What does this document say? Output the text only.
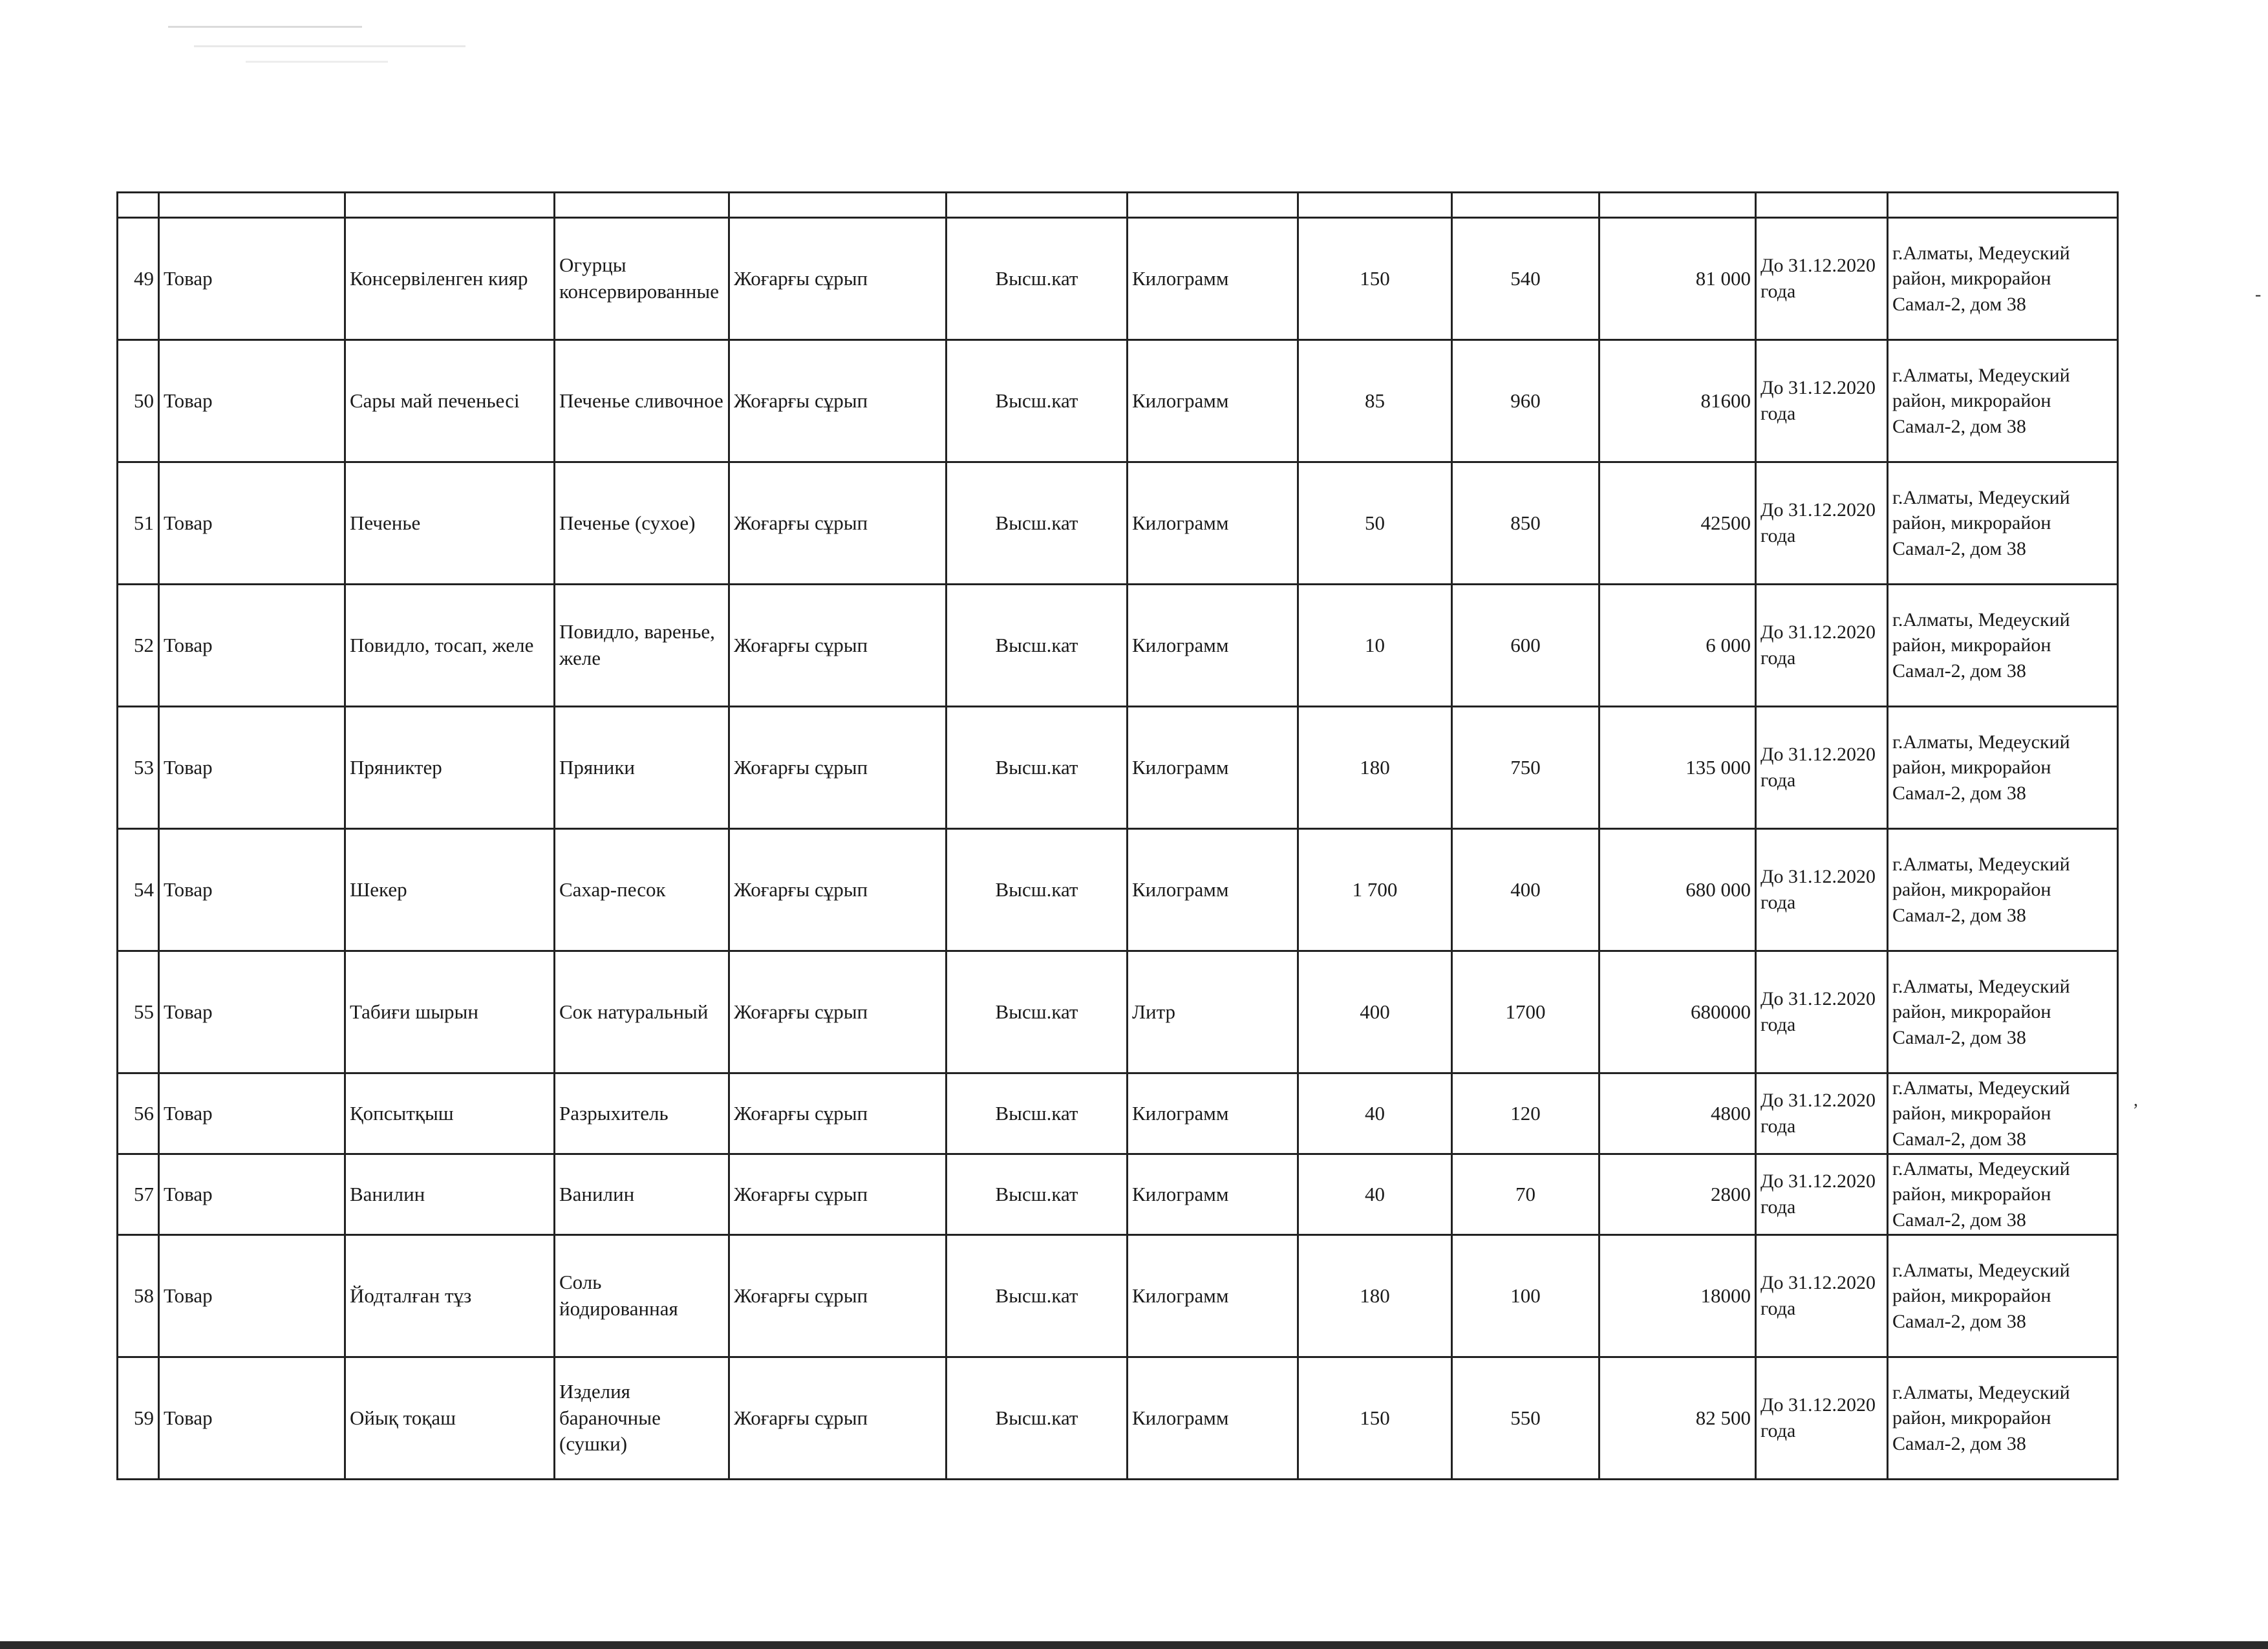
-
,

49	Товар	Консервіленген кияр	Огурцы консервированные	Жоғарғы сұрып	Высш.кат	Килограмм	150	540	81 000	До 31.12.2020 года	г.Алматы, Медеуский район, микрорайон Самал-2, дом 38
50	Товар	Сары май печеньесі	Печенье сливочное	Жоғарғы сұрып	Высш.кат	Килограмм	85	960	81600	До 31.12.2020 года	г.Алматы, Медеуский район, микрорайон Самал-2, дом 38
51	Товар	Печенье	Печенье (сухое)	Жоғарғы сұрып	Высш.кат	Килограмм	50	850	42500	До 31.12.2020 года	г.Алматы, Медеуский район, микрорайон Самал-2, дом 38
52	Товар	Повидло, тосап, желе	Повидло, варенье, желе	Жоғарғы сұрып	Высш.кат	Килограмм	10	600	6 000	До 31.12.2020 года	г.Алматы, Медеуский район, микрорайон Самал-2, дом 38
53	Товар	Пряниктер	Пряники	Жоғарғы сұрып	Высш.кат	Килограмм	180	750	135 000	До 31.12.2020 года	г.Алматы, Медеуский район, микрорайон Самал-2, дом 38
54	Товар	Шекер	Сахар-песок	Жоғарғы сұрып	Высш.кат	Килограмм	1 700	400	680 000	До 31.12.2020 года	г.Алматы, Медеуский район, микрорайон Самал-2, дом 38
55	Товар	Табиғи шырын	Сок натуральный	Жоғарғы сұрып	Высш.кат	Литр	400	1700	680000	До 31.12.2020 года	г.Алматы, Медеуский район, микрорайон Самал-2, дом 38
56	Товар	Қопсытқыш	Разрыхитель	Жоғарғы сұрып	Высш.кат	Килограмм	40	120	4800	До 31.12.2020 года	г.Алматы, Медеуский район, микрорайон Самал-2, дом 38
57	Товар	Ванилин	Ванилин	Жоғарғы сұрып	Высш.кат	Килограмм	40	70	2800	До 31.12.2020 года	г.Алматы, Медеуский район, микрорайон Самал-2, дом 38
58	Товар	Йодталған тұз	Соль йодированная	Жоғарғы сұрып	Высш.кат	Килограмм	180	100	18000	До 31.12.2020 года	г.Алматы, Медеуский район, микрорайон Самал-2, дом 38
59	Товар	Ойық тоқаш	Изделия бараночные (сушки)	Жоғарғы сұрып	Высш.кат	Килограмм	150	550	82 500	До 31.12.2020 года	г.Алматы, Медеуский район, микрорайон Самал-2, дом 38
